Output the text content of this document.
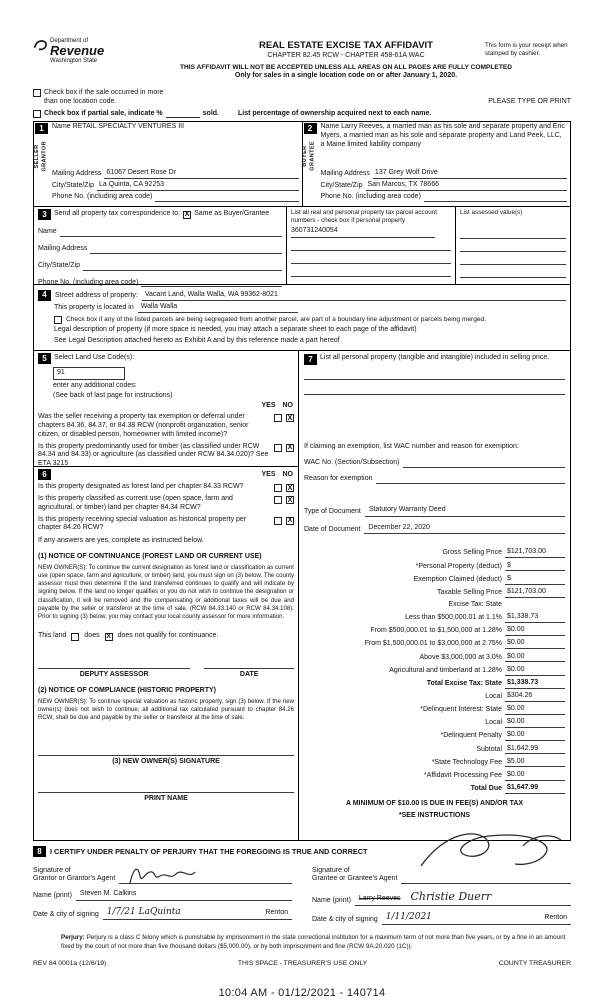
Department of
Revenue
Washington State
REAL ESTATE EXCISE TAX AFFIDAVIT
CHAPTER 82.45 RCW - CHAPTER 458-61A WAC
THIS AFFIDAVIT WILL NOT BE ACCEPTED UNLESS ALL AREAS ON ALL PAGES ARE FULLY COMPLETED
Only for sales in a single location code on or after January 1, 2020.
This form is your receipt when stamped by cashier.
Check box if the sale occurred in more than one location code.	PLEASE TYPE OR PRINT
Check box if partial sale, indicate %	sold.	List percentage of ownership acquired next to each name.
1
SELLER GRANTOR
Name RETAIL SPECIALTY VENTURES III
Mailing Address 61067 Desert Rose Dr
City/State/Zip La Quinta, CA 92253
Phone No. (including area code)
2
BUYER GRANTEE
Name Larry Reeves, a married man as his sole and separate property and Eric Myers, a married man as his sole and separate property and Land Peek, LLC, a Maine limited liability company
Mailing Address 137 Grey Wolf Drive
City/State/Zip San Marcos, TX 78666
Phone No. (including area code)
3	Send all property tax correspondence to: X Same as Buyer/Grantee
Name
Mailing Address
City/State/Zip
Phone No. (including area code)
List all real and personal property tax parcel account numbers - check box if personal property
360731240054
List assessed value(s)
4	Street address of property:	Vacant Land, Walla Walla, WA 99362-8021
This property is located in	Walla Walla
Check box if any of the listed parcels are being segregated from another parcel, are part of a boundary line adjustment or parcels being merged.
Legal description of property (if more space is needed, you may attach a separate sheet to each page of the affidavit)
See Legal Description attached hereto as Exhibit A and by this reference made a part hereof
5	Select Land Use Code(s):
91
enter any additional codes:
(See back of last page for instructions)
YES NO
Was the seller receiving a property tax exemption or deferral under chapters 84.36, 84.37, or 84.38 RCW (nonprofit organization, senior citizen, or disabled person, homeowner with limited income)?
X
Is this property predominantly used for timber (as classified under RCW 84.34 and 84.33) or agriculture (as classified under RCW 84.34.020)? See ETA 3215
X
6	YES NO
Is this property designated as forest land per chapter 84.33 RCW?	X
Is this property classified as current use (open space, farm and agricultural, or timber) land per chapter 84.34 RCW?
X
Is this property receiving special valuation as historical property per chapter 84.26 RCW?
X
If any answers are yes, complete as instructed below.
(1) NOTICE OF CONTINUANCE (FOREST LAND OR CURRENT USE)
NEW OWNER(S): To continue the current designation as forest land or classification as current use (open space, farm and agriculture, or timber) land, you must sign on (3) below. The county assessor must then determine if the land transferred continues to qualify and will indicate by signing below. If the land no longer qualifies or you do not wish to continue the designation or classification, it will be removed and the compensating or additional taxes will be due and payable by the seller or transferor at the time of sale. (RCW 84.33.140 or RCW 84.34.108). Prior to signing (3) below, you may contact your local county assessor for more information.
This land	does X does not qualify for continuance.
DEPUTY ASSESSOR	DATE
(2) NOTICE OF COMPLIANCE (HISTORIC PROPERTY)
NEW OWNER(S): To continue special valuation as historic property, sign (3) below. If the new owner(s) does not wish to continue, all additional tax calculated pursuant to chapter 84.26 RCW, shall be due and payable by the seller or transferor at the time of sale.
(3) NEW OWNER(S) SIGNATURE
PRINT NAME
7	List all personal property (tangible and intangible) included in selling price.
If claiming an exemption, list WAC number and reason for exemption:
WAC No. (Section/Subsection)
Reason for exemption
Type of Document	Statutory Warranty Deed
Date of Document	December 22, 2020
Gross Selling Price $121,703.00
*Personal Property (deduct) $
Exemption Claimed (deduct) $
Taxable Selling Price $121,703.00
Excise Tax: State
Less than $500,000.01 at 1.1% $1,338.73
From $500,000.01 to $1,500,000 at 1.28% $0.00
From $1,500,000.01 to $3,000,000 at 2.75% $0.00
Above $3,000,000 at 3.0% $0.00
Agricultural and timberland at 1.28% $0.00
Total Excise Tax: State $1,338.73
Local $304.26
*Delinquent Interest: State $0.00
Local $0.00
*Delinquent Penalty $0.00
Subtotal $1,642.99
*State Technology Fee $5.00
*Affidavit Processing Fee $0.00
Total Due $1,647.99
A MINIMUM OF $10.00 IS DUE IN FEE(S) AND/OR TAX
*SEE INSTRUCTIONS
8	I CERTIFY UNDER PENALTY OF PERJURY THAT THE FOREGOING IS TRUE AND CORRECT
Signature of
Grantor or Grantor's Agent
Name (print)	Steven M. Calkins
Date & city of signing 1/7/21 LaQuinta	Renton
Signature of
Grantee or Grantee's Agent
Name (print)	Larry Reeves Christie Duerr
Date & city of signing 1/11/2021	Renton
Perjury: Perjury is a class C felony which is punishable by imprisonment in the state correctional institution for a maximum term of not more than five years, or by a fine in an amount fixed by the court of not more than five thousand dollars ($5,000.00), or by both imprisonment and fine (RCW 9A.20.020 (1C)).
REV 84 0001a (12/6/19)	THIS SPACE - TREASURER'S USE ONLY	COUNTY TREASURER
10:04 AM - 01/12/2021 - 140714
